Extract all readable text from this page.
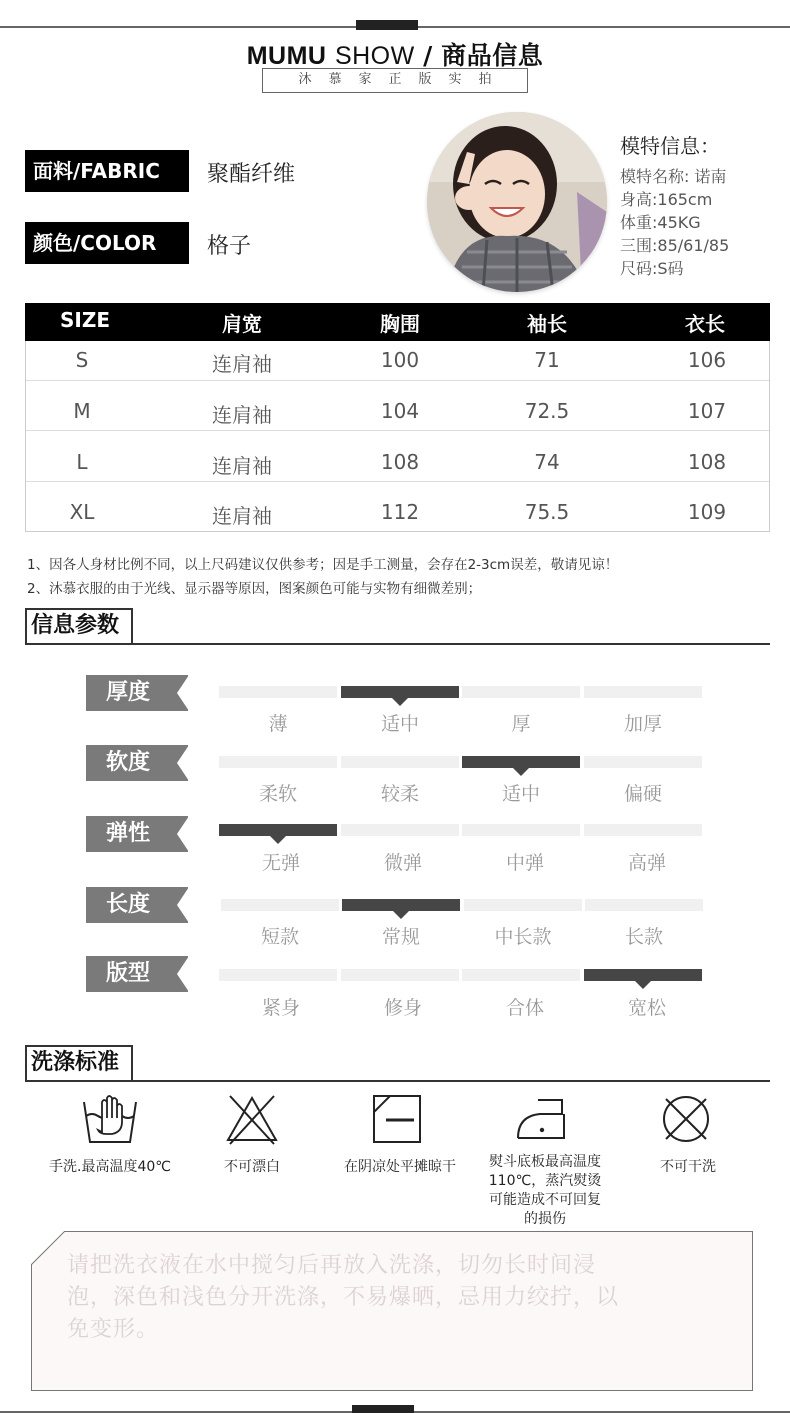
MUMU SHOW / 商品信息
沐慕家正版实拍
面料/FABRIC	聚酯纤维
颜色/COLOR	格子
模特信息：
模特名称: 诺南
身高:165cm
体重:45KG
三围:85/61/85
尺码:S码
SIZE	肩宽	胸围	袖长	衣长
S	连肩袖	100	71	106
M	连肩袖	104	72.5	107
L	连肩袖	108	74	108
XL	连肩袖	112	75.5	109
1、因各人身材比例不同，以上尺码建议仅供参考；因是手工测量，会存在2-3cm误差，敬请见谅！
2、沐慕衣服的由于光线、显示器等原因，图案颜色可能与实物有细微差别；
信息参数
厚度
薄	适中	厚	加厚
软度
柔软	较柔	适中	偏硬
弹性
无弹	微弹	中弹	高弹
长度
短款	常规	中长款	长款
版型
紧身	修身	合体	宽松
洗涤标准
手洗.最高温度40℃	不可漂白	在阴凉处平摊晾干	熨斗底板最高温度110℃，蒸汽熨烫可能造成不可回复的损伤
不可干洗
请把洗衣液在水中搅匀后再放入洗涤，切勿长时间浸泡，深色和浅色分开洗涤，不易爆晒，忌用力绞拧，以免变形。
